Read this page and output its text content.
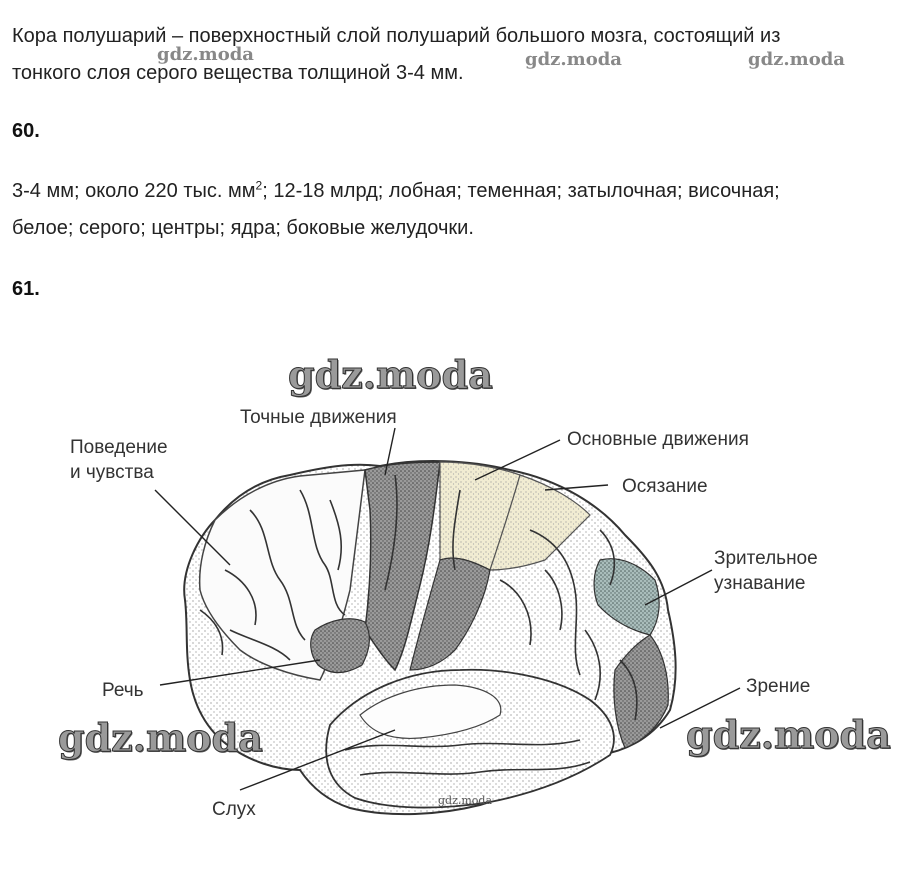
Кора полушарий – поверхностный слой полушарий большого мозга, состоящий из
тонкого слоя серого вещества толщиной 3-4 мм.
60.
3-4 мм; около 220 тыс. $мм^2$; 12-18 млрд; лобная; теменная; затылочная; височная;
белое; серого; центры; ядра; боковые желудочки.
61.
gdz.moda	gdz.moda	gdz.moda
Точные движения
Поведение
и чувства
Основные движения
Осязание
Зрительное
узнавание
Речь	Зрение
Слух
gdz.moda
gdz.moda	gdz.moda
gdz.moda
